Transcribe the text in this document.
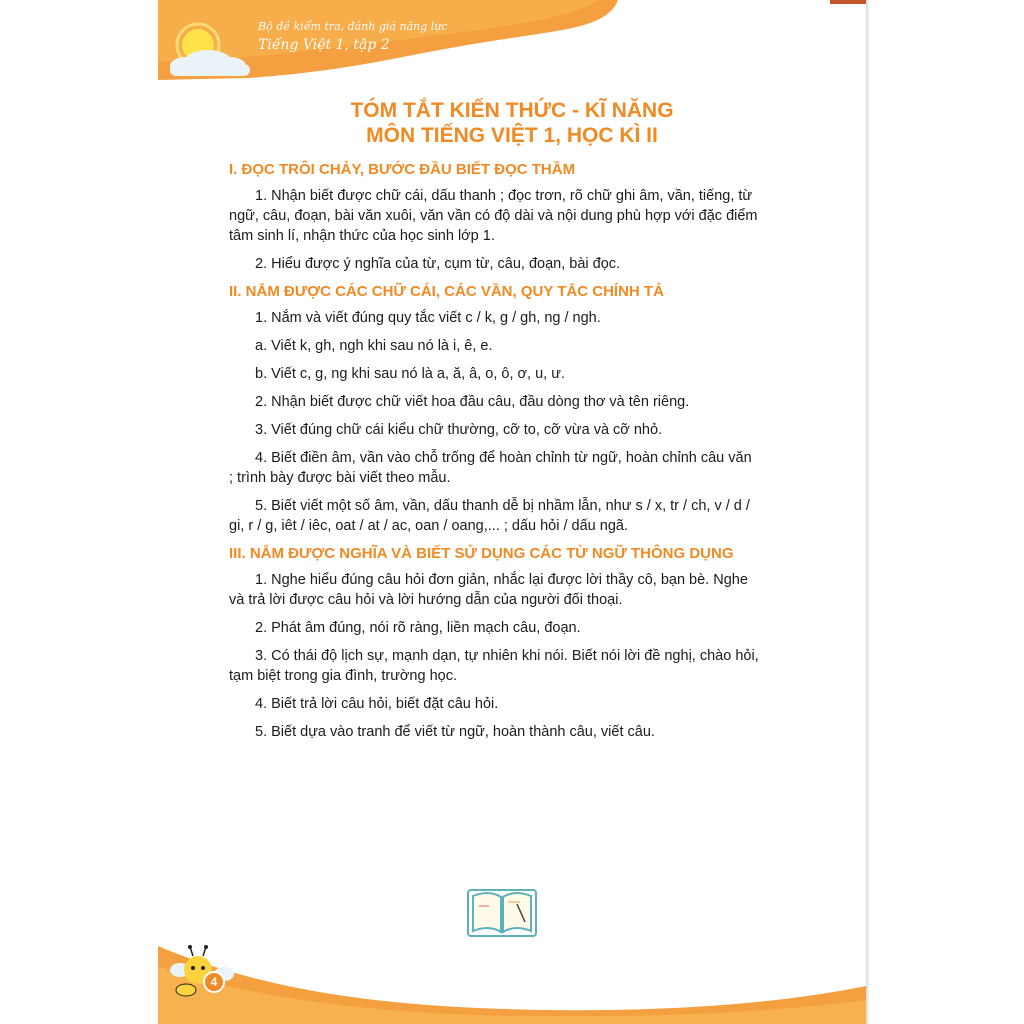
Bộ đề kiểm tra, đánh giá năng lực
Tiếng Việt 1, tập 2
TÓM TẮT KIẾN THỨC - KĨ NĂNG
MÔN TIẾNG VIỆT 1, HỌC KÌ II
I. ĐỌC TRÔI CHẢY, BƯỚC ĐẦU BIẾT ĐỌC THẦM
1. Nhận biết được chữ cái, dấu thanh ; đọc trơn, rõ chữ ghi âm, vần, tiếng, từ ngữ, câu, đoạn, bài văn xuôi, văn vần có độ dài và nội dung phù hợp với đặc điểm tâm sinh lí, nhận thức của học sinh lớp 1.
2. Hiểu được ý nghĩa của từ, cụm từ, câu, đoạn, bài đọc.
II. NẮM ĐƯỢC CÁC CHỮ CÁI, CÁC VẦN, QUY TẮC CHÍNH TẢ
1. Nắm và viết đúng quy tắc viết c / k, g / gh, ng / ngh.
a. Viết k, gh, ngh khi sau nó là i, ê, e.
b. Viết c, g, ng khi sau nó là a, ă, â, o, ô, ơ, u, ư.
2. Nhận biết được chữ viết hoa đầu câu, đầu dòng thơ và tên riêng.
3. Viết đúng chữ cái kiểu chữ thường, cỡ to, cỡ vừa và cỡ nhỏ.
4. Biết điền âm, vần vào chỗ trống để hoàn chỉnh từ ngữ, hoàn chỉnh câu văn ; trình bày được bài viết theo mẫu.
5. Biết viết một số âm, vần, dấu thanh dễ bị nhầm lẫn, như s / x, tr / ch, v / d / gi, r / g, iêt / iêc, oat / at / ac, oan / oang,... ; dấu hỏi / dấu ngã.
III. NẮM ĐƯỢC NGHĨA VÀ BIẾT SỬ DỤNG CÁC TỪ NGỮ THÔNG DỤNG
1. Nghe hiểu đúng câu hỏi đơn giản, nhắc lại được lời thầy cô, bạn bè. Nghe và trả lời được câu hỏi và lời hướng dẫn của người đối thoại.
2. Phát âm đúng, nói rõ ràng, liền mạch câu, đoạn.
3. Có thái độ lịch sự, mạnh dạn, tự nhiên khi nói. Biết nói lời đề nghị, chào hỏi, tạm biệt trong gia đình, trường học.
4. Biết trả lời câu hỏi, biết đặt câu hỏi.
5. Biết dựa vào tranh để viết từ ngữ, hoàn thành câu, viết câu.
4
